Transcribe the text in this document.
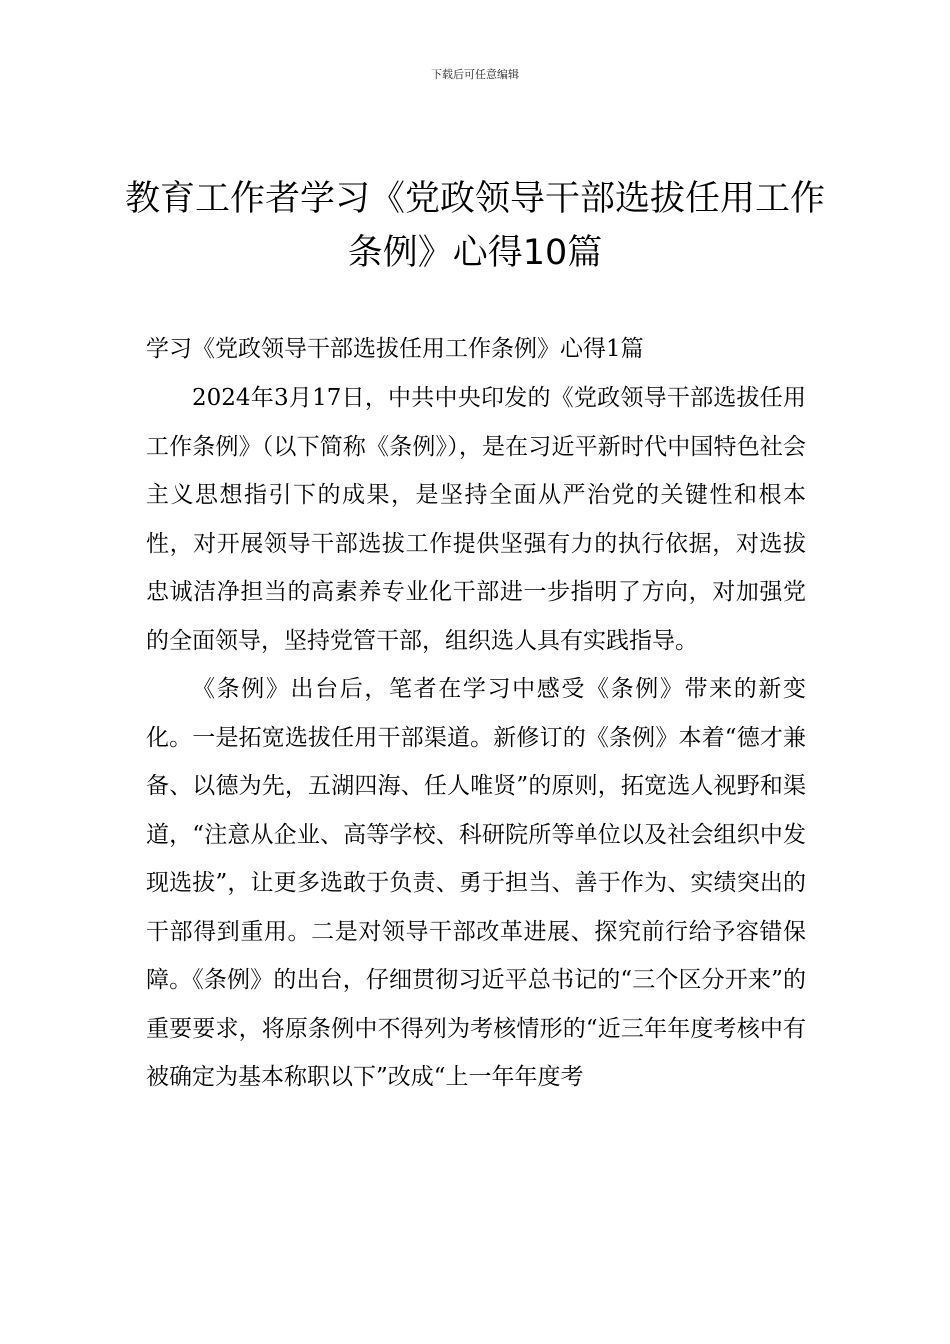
下载后可任意编辑
教育工作者学习《党政领导干部选拔任用工作条例》心得10篇
学习《党政领导干部选拔任用工作条例》心得1篇

2024年3月17日，中共中央印发的《党政领导干部选拔任用工作条例》（以下简称《条例》），是在习近平新时代中国特色社会主义思想指引下的成果，是坚持全面从严治党的关键性和根本性，对开展领导干部选拔工作提供坚强有力的执行依据，对选拔忠诚洁净担当的高素养专业化干部进一步指明了方向，对加强党的全面领导，坚持党管干部，组织选人具有实践指导。

《条例》出台后，笔者在学习中感受《条例》带来的新变化。一是拓宽选拔任用干部渠道。新修订的《条例》本着“德才兼备、以德为先，五湖四海、任人唯贤”的原则，拓宽选人视野和渠道，“注意从企业、高等学校、科研院所等单位以及社会组织中发现选拔”，让更多选敢于负责、勇于担当、善于作为、实绩突出的干部得到重用。二是对领导干部改革进展、探究前行给予容错保障。《条例》的出台，仔细贯彻习近平总书记的“三个区分开来”的重要要求，将原条例中不得列为考核情形的“近三年年度考核中有被确定为基本称职以下”改成“上一年年度考
